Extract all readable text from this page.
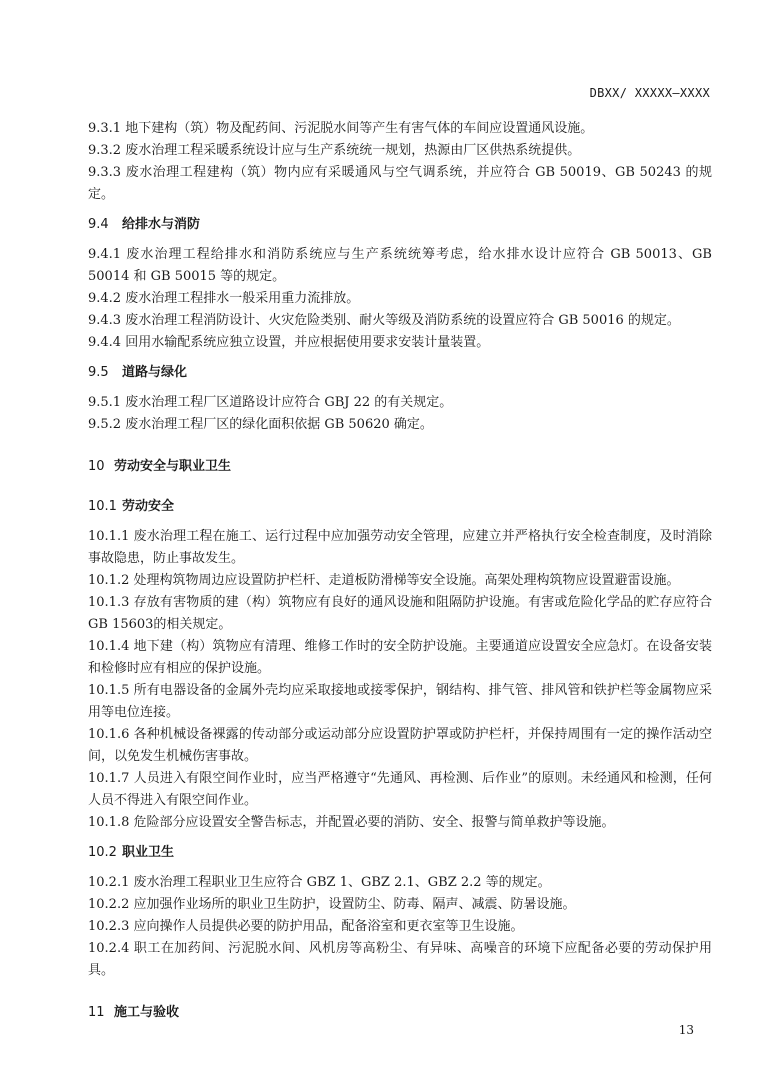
DBXX/ XXXXX—XXXX

9.3.1 地下建构（筑）物及配药间、污泥脱水间等产生有害气体的车间应设置通风设施。

9.3.2 废水治理工程采暖系统设计应与生产系统统一规划，热源由厂区供热系统提供。

9.3.3 废水治理工程建构（筑）物内应有采暖通风与空气调系统，并应符合 GB 50019、GB 50243 的规定。

9.4 给排水与消防

9.4.1 废水治理工程给排水和消防系统应与生产系统统筹考虑，给水排水设计应符合 GB 50013、GB 50014 和 GB 50015 等的规定。

9.4.2 废水治理工程排水一般采用重力流排放。

9.4.3 废水治理工程消防设计、火灾危险类别、耐火等级及消防系统的设置应符合 GB 50016 的规定。

9.4.4 回用水输配系统应独立设置，并应根据使用要求安装计量装置。

9.5 道路与绿化

9.5.1 废水治理工程厂区道路设计应符合 GBJ 22 的有关规定。

9.5.2 废水治理工程厂区的绿化面积依据 GB 50620 确定。

10 劳动安全与职业卫生
10.1 劳动安全

10.1.1 废水治理工程在施工、运行过程中应加强劳动安全管理，应建立并严格执行安全检查制度，及时消除事故隐患，防止事故发生。

10.1.2 处理构筑物周边应设置防护栏杆、走道板防滑梯等安全设施。高架处理构筑物应设置避雷设施。

10.1.3 存放有害物质的建（构）筑物应有良好的通风设施和阻隔防护设施。有害或危险化学品的贮存应符合GB 15603的相关规定。

10.1.4 地下建（构）筑物应有清理、维修工作时的安全防护设施。主要通道应设置安全应急灯。在设备安装和检修时应有相应的保护设施。

10.1.5 所有电器设备的金属外壳均应采取接地或接零保护，钢结构、排气管、排风管和铁护栏等金属物应采用等电位连接。

10.1.6 各种机械设备裸露的传动部分或运动部分应设置防护罩或防护栏杆，并保持周围有一定的操作活动空间，以免发生机械伤害事故。

10.1.7 人员进入有限空间作业时，应当严格遵守“先通风、再检测、后作业”的原则。未经通风和检测，任何人员不得进入有限空间作业。

10.1.8 危险部分应设置安全警告标志，并配置必要的消防、安全、报警与简单救护等设施。

10.2 职业卫生

10.2.1 废水治理工程职业卫生应符合 GBZ 1、GBZ 2.1、GBZ 2.2 等的规定。

10.2.2 应加强作业场所的职业卫生防护，设置防尘、防毒、隔声、减震、防暑设施。

10.2.3 应向操作人员提供必要的防护用品，配备浴室和更衣室等卫生设施。

10.2.4 职工在加药间、污泥脱水间、风机房等高粉尘、有异味、高噪音的环境下应配备必要的劳动保护用具。

11 施工与验收
13
